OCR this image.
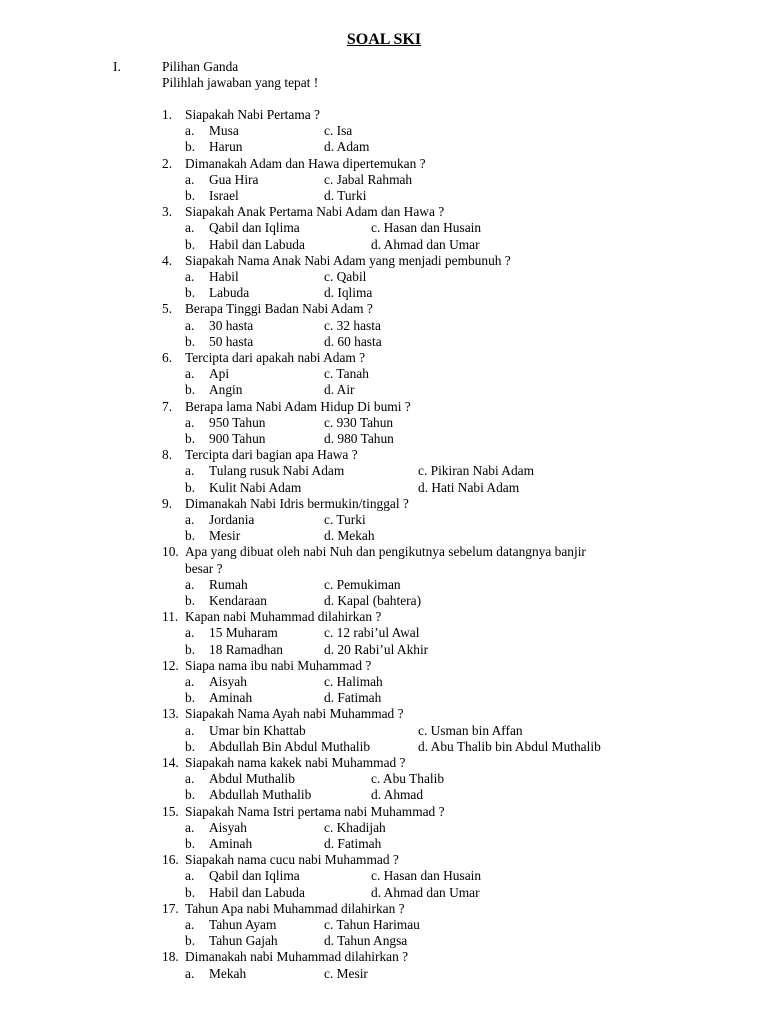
SOAL SKI
I.	Pilihan Ganda
Pilihlah jawaban yang tepat !
1. Siapakah Nabi Pertama ?
a. Musa	c. Isa
b. Harun	d. Adam
2. Dimanakah Adam dan Hawa dipertemukan ?
a. Gua Hira	c. Jabal Rahmah
b. Israel	d. Turki
3. Siapakah Anak Pertama Nabi Adam dan Hawa ?
a. Qabil dan Iqlima	c. Hasan dan Husain
b. Habil dan Labuda	d. Ahmad dan Umar
4. Siapakah Nama Anak Nabi Adam yang menjadi pembunuh ?
a. Habil	c. Qabil
b. Labuda	d. Iqlima
5. Berapa Tinggi Badan Nabi Adam ?
a. 30 hasta	c. 32 hasta
b. 50 hasta	d. 60 hasta
6. Tercipta dari apakah nabi Adam ?
a. Api	c. Tanah
b. Angin	d. Air
7. Berapa lama Nabi Adam Hidup Di bumi ?
a. 950 Tahun	c. 930 Tahun
b. 900 Tahun	d. 980 Tahun
8. Tercipta dari bagian apa Hawa ?
a. Tulang rusuk Nabi Adam	c. Pikiran Nabi Adam
b. Kulit Nabi Adam	d. Hati Nabi Adam
9. Dimanakah Nabi Idris bermukin/tinggal ?
a. Jordania	c. Turki
b. Mesir	d. Mekah
10. Apa yang dibuat oleh nabi Nuh dan pengikutnya sebelum datangnya banjir
besar ?
a. Rumah	c. Pemukiman
b. Kendaraan	d. Kapal (bahtera)
11. Kapan nabi Muhammad dilahirkan ?
a. 15 Muharam	c. 12 rabi’ul Awal
b. 18 Ramadhan	d. 20 Rabi’ul Akhir
12. Siapa nama ibu nabi Muhammad ?
a. Aisyah	c. Halimah
b. Aminah	d. Fatimah
13. Siapakah Nama Ayah nabi Muhammad ?
a. Umar bin Khattab	c. Usman bin Affan
b. Abdullah Bin Abdul Muthalib	d. Abu Thalib bin Abdul Muthalib
14. Siapakah nama kakek nabi Muhammad ?
a. Abdul Muthalib	c. Abu Thalib
b. Abdullah Muthalib	d. Ahmad
15. Siapakah Nama Istri pertama nabi Muhammad ?
a. Aisyah	c. Khadijah
b. Aminah	d. Fatimah
16. Siapakah nama cucu nabi Muhammad ?
a. Qabil dan Iqlima	c. Hasan dan Husain
b. Habil dan Labuda	d. Ahmad dan Umar
17. Tahun Apa nabi Muhammad dilahirkan ?
a. Tahun Ayam	c. Tahun Harimau
b. Tahun Gajah	d. Tahun Angsa
18. Dimanakah nabi Muhammad dilahirkan ?
a. Mekah	c. Mesir
